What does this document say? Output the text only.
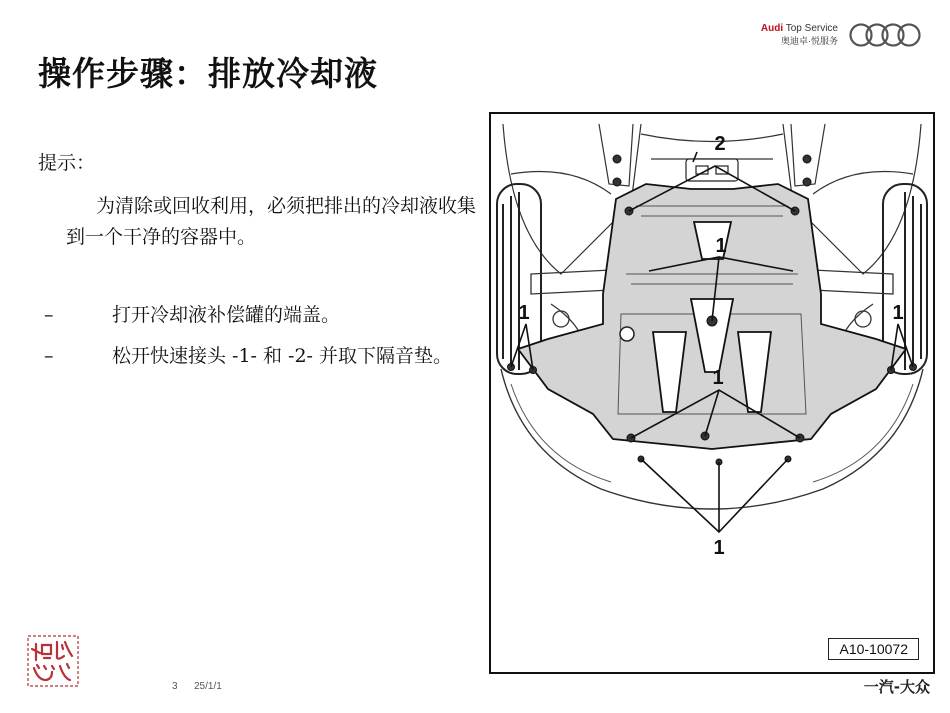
操作步骤：排放冷却液
Audi Top Service
奥迪卓·悦服务

提示：

为清除或回收利用，必须把排出的冷却液收集到一个干净的容器中。

–	打开冷却液补偿罐的端盖。

–	松开快速接头 -1- 和 -2- 并取下隔音垫。

2
1
1
1
1	1
A10-10072
3 25/1/1	一汽-大众
